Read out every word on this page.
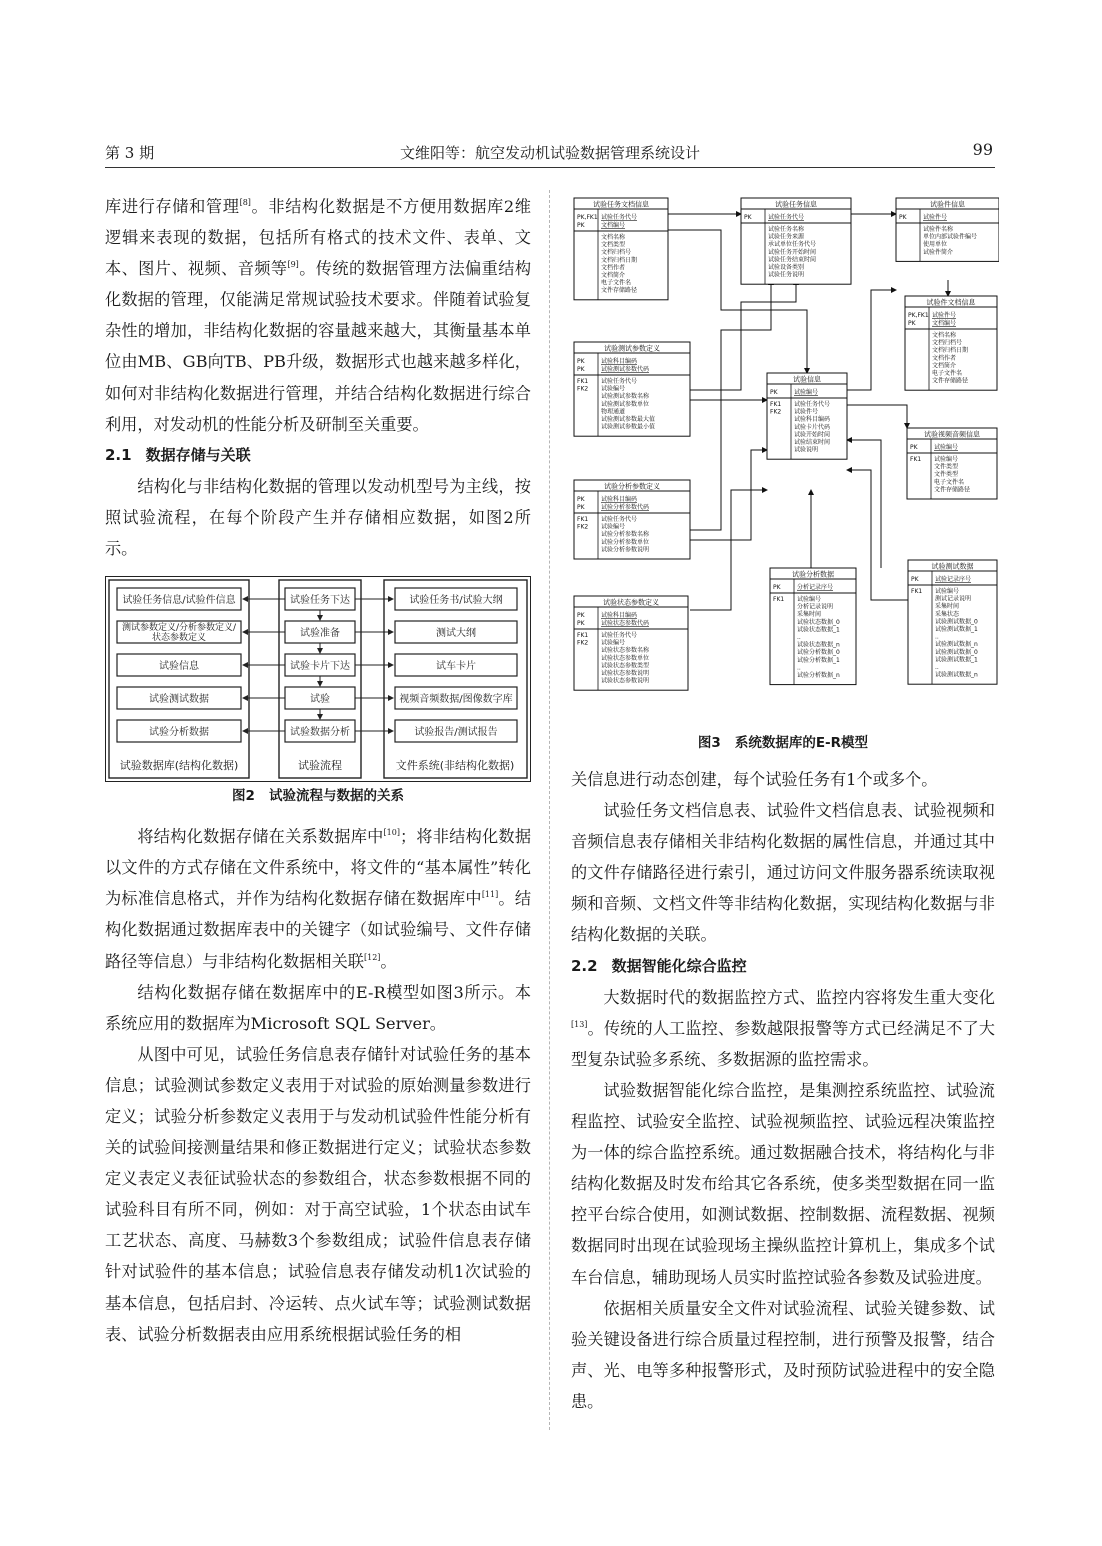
第 3 期	文维阳等：航空发动机试验数据管理系统设计	99

库进行存储和管理[8]。非结构化数据是不方便用数据库2维逻辑来表现的数据，包括所有格式的技术文件、表单、文本、图片、视频、音频等[9]。传统的数据管理方法偏重结构化数据的管理，仅能满足常规试验技术要求。伴随着试验复杂性的增加，非结构化数据的容量越来越大，其衡量基本单位由MB、GB向TB、PB升级，数据形式也越来越多样化，如何对非结构化数据进行管理，并结合结构化数据进行综合利用，对发动机的性能分析及研制至关重要。

2.1 数据存储与关联

结构化与非结构化数据的管理以发动机型号为主线，按照试验流程，在每个阶段产生并存储相应数据，如图2所示。

试验任务信息/试验件信息
测试参数定义/分析参数定义/
状态参数定义
试验信息
试验测试数据
试验分析数据
试验任务下达
试验准备
试验卡片下达
试验
试验数据分析
试验任务书/试验大纲
测试大纲
试车卡片
视频音频数据/图像数字库
试验报告/测试报告
试验数据库(结构化数据)	试验流程	文件系统(非结构化数据)
图2 试验流程与数据的关系

将结构化数据存储在关系数据库中[10]；将非结构化数据以文件的方式存储在文件系统中，将文件的“基本属性”转化为标准信息格式，并作为结构化数据存储在数据库中[11]。结构化数据通过数据库表中的关键字（如试验编号、文件存储路径等信息）与非结构化数据相关联[12]。

结构化数据存储在数据库中的E-R模型如图3所示。本系统应用的数据库为Microsoft SQL Server。

从图中可见，试验任务信息表存储针对试验任务的基本信息；试验测试参数定义表用于对试验的原始测量参数进行定义；试验分析参数定义表用于与发动机试验件性能分析有关的试验间接测量结果和修正数据进行定义；试验状态参数定义表定义表征试验状态的参数组合，状态参数根据不同的试验科目有所不同，例如：对于高空试验，1个状态由试车工艺状态、高度、马赫数3个参数组成；试验件信息表存储针对试验件的基本信息；试验信息表存储发动机1次试验的基本信息，包括启封、冷运转、点火试车等；试验测试数据表、试验分析数据表由应用系统根据试验任务的相

试验任务文档信息
PK,FK1 试验任务代号
PK	文档编号
文档名称
文档类型
文档归档号
文档归档日期
文档作者
文档简介
电子文件名
文件存储路径
试验任务信息
PK	试验任务代号
试验任务名称
试验任务来源
承试单位任务代号
试验任务开始时间
试验任务结束时间
试验设备类别
试验任务说明
试验件信息
PK	试验件号
试验件名称
单位内部试验件编号
使用单位
试验件简介
试验件文档信息
PK,FK1 试验件号
PK	文档编号
文档名称
文档归档号
文档归档日期
文档作者
文档简介
电子文件名
文件存储路径
试验测试参数定义
PK	试验科目编码
PK	试验测试参数代码
FK1
FK2
试验任务代号
试验编号
试验测试参数名称
试验测试参数单位
物理通道
试验测试参数最大值
试验测试参数最小值
试验信息
PK	试验编号
FK1
FK2
试验任务代号
试验件号
试验科目编码
试验卡片代码
试验开始时间
试验结束时间
试验说明
试验视频音频信息
PK	试验编号
FK1 试验编号
文件类型
文件类型
电子文件名
文件存储路径
试验分析参数定义
PK	试验科目编码
PK	试验分析参数代码
FK1
FK2
试验任务代号
试验编号
试验分析参数名称
试验分析参数单位
试验分析参数说明
试验测试数据
PK	试验记录序号
FK1 试验编号
测试记录说明
采集时间
采集状态
试验测试数据_0
试验测试数据_1
..
试验测试数据_n
试验测试数据_0
试验测试数据_1
..
试验测试数据_n
试验分析数据
PK	分析记录序号
FK1 试验编号
分析记录说明
采集时间
试验状态数据_0
试验状态数据_1
..
试验状态数据_n
试验分析数据_0
试验分析数据_1
..
试验分析数据_n
试验状态参数定义
PK	试验科目编码
PK	试验状态参数代码
FK1
FK2
试验任务代号
试验编号
试验状态参数名称
试验状态参数单位
试验状态参数类型
试验状态参数说明
试验状态参数说明
图3 系统数据库的E-R模型

关信息进行动态创建，每个试验任务有1个或多个。

试验任务文档信息表、试验件文档信息表、试验视频和音频信息表存储相关非结构化数据的属性信息，并通过其中的文件存储路径进行索引，通过访问文件服务器系统读取视频和音频、文档文件等非结构化数据，实现结构化数据与非结构化数据的关联。

2.2 数据智能化综合监控

大数据时代的数据监控方式、监控内容将发生重大变化[13]。传统的人工监控、参数越限报警等方式已经满足不了大型复杂试验多系统、多数据源的监控需求。

试验数据智能化综合监控，是集测控系统监控、试验流程监控、试验安全监控、试验视频监控、试验远程决策监控为一体的综合监控系统。通过数据融合技术，将结构化与非结构化数据及时发布给其它各系统，使多类型数据在同一监控平台综合使用，如测试数据、控制数据、流程数据、视频数据同时出现在试验现场主操纵监控计算机上，集成多个试车台信息，辅助现场人员实时监控试验各参数及试验进度。

依据相关质量安全文件对试验流程、试验关键参数、试验关键设备进行综合质量过程控制，进行预警及报警，结合声、光、电等多种报警形式，及时预防试验进程中的安全隐患。
